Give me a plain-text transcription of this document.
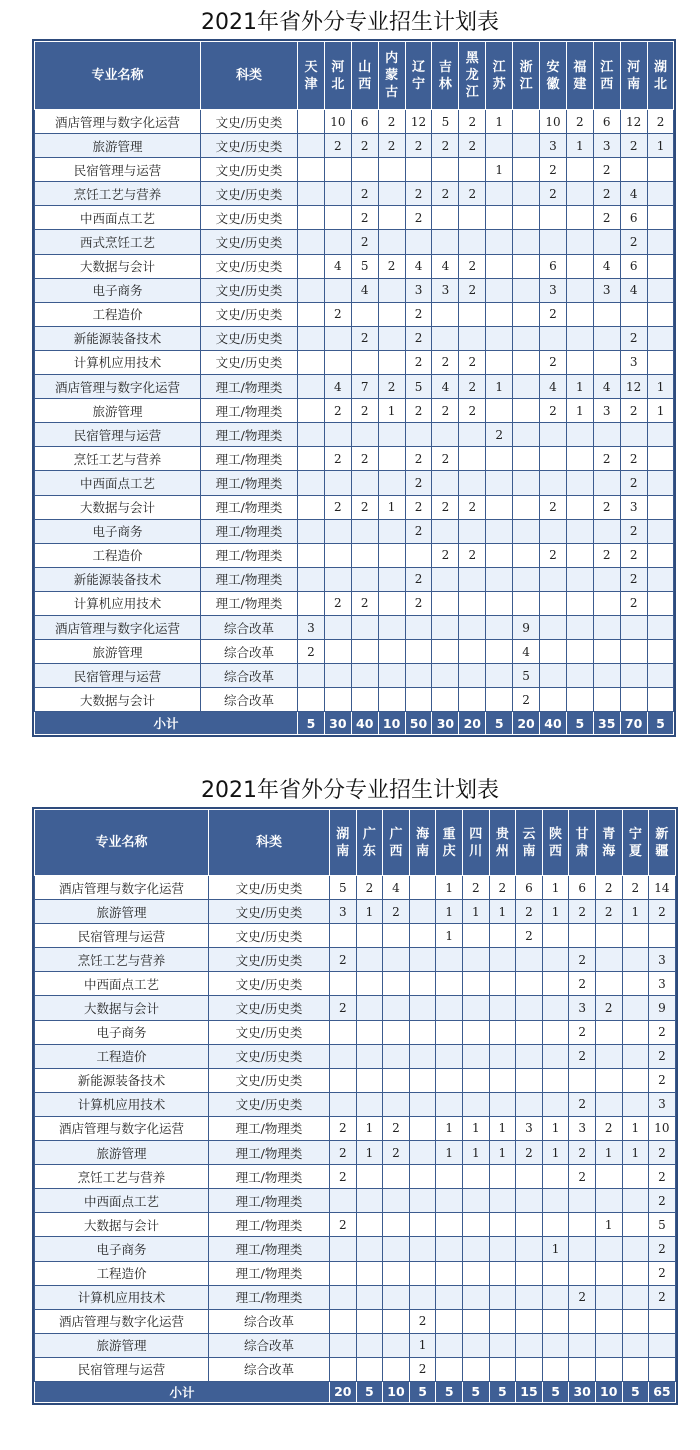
2021年省外分专业招生计划表
专业名称	科类	天津	河北	山西	内蒙古	辽宁	吉林	黑龙江	江苏	浙江	安徽	福建	江西	河南	湖北
酒店管理与数字化运营	文史/历史类		10	6	2	12	5	2	1		10	2	6	12	2
旅游管理	文史/历史类		2	2	2	2	2	2			3	1	3	2	1
民宿管理与运营	文史/历史类								1		2		2		
烹饪工艺与营养	文史/历史类			2		2	2	2			2		2	4	
中西面点工艺	文史/历史类			2		2							2	6	
西式烹饪工艺	文史/历史类			2										2	
大数据与会计	文史/历史类		4	5	2	4	4	2			6		4	6	
电子商务	文史/历史类			4		3	3	2			3		3	4	
工程造价	文史/历史类		2			2					2				
新能源装备技术	文史/历史类			2		2								2	
计算机应用技术	文史/历史类					2	2	2			2			3	
酒店管理与数字化运营	理工/物理类		4	7	2	5	4	2	1		4	1	4	12	1
旅游管理	理工/物理类		2	2	1	2	2	2			2	1	3	2	1
民宿管理与运营	理工/物理类								2						
烹饪工艺与营养	理工/物理类		2	2		2	2						2	2	
中西面点工艺	理工/物理类					2								2	
大数据与会计	理工/物理类		2	2	1	2	2	2			2		2	3	
电子商务	理工/物理类					2								2	
工程造价	理工/物理类						2	2			2		2	2	
新能源装备技术	理工/物理类					2								2	
计算机应用技术	理工/物理类		2	2		2								2	
酒店管理与数字化运营	综合改革	3								9					
旅游管理	综合改革	2								4					
民宿管理与运营	综合改革									5					
大数据与会计	综合改革									2					
小计		5	30	40	10	50	30	20	5	20	40	5	35	70	5
2021年省外分专业招生计划表
专业名称	科类	湖南	广东	广西	海南	重庆	四川	贵州	云南	陕西	甘肃	青海	宁夏	新疆
酒店管理与数字化运营	文史/历史类	5	2	4		1	2	2	6	1	6	2	2	14
旅游管理	文史/历史类	3	1	2		1	1	1	2	1	2	2	1	2
民宿管理与运营	文史/历史类					1			2					
烹饪工艺与营养	文史/历史类	2									2			3
中西面点工艺	文史/历史类										2			3
大数据与会计	文史/历史类	2									3	2		9
电子商务	文史/历史类										2			2
工程造价	文史/历史类										2			2
新能源装备技术	文史/历史类													2
计算机应用技术	文史/历史类										2			3
酒店管理与数字化运营	理工/物理类	2	1	2		1	1	1	3	1	3	2	1	10
旅游管理	理工/物理类	2	1	2		1	1	1	2	1	2	1	1	2
烹饪工艺与营养	理工/物理类	2									2			2
中西面点工艺	理工/物理类													2
大数据与会计	理工/物理类	2										1		5
电子商务	理工/物理类									1				2
工程造价	理工/物理类													2
计算机应用技术	理工/物理类										2			2
酒店管理与数字化运营	综合改革				2									
旅游管理	综合改革				1									
民宿管理与运营	综合改革				2									
小计		20	5	10	5	5	5	5	15	5	30	10	5	65
